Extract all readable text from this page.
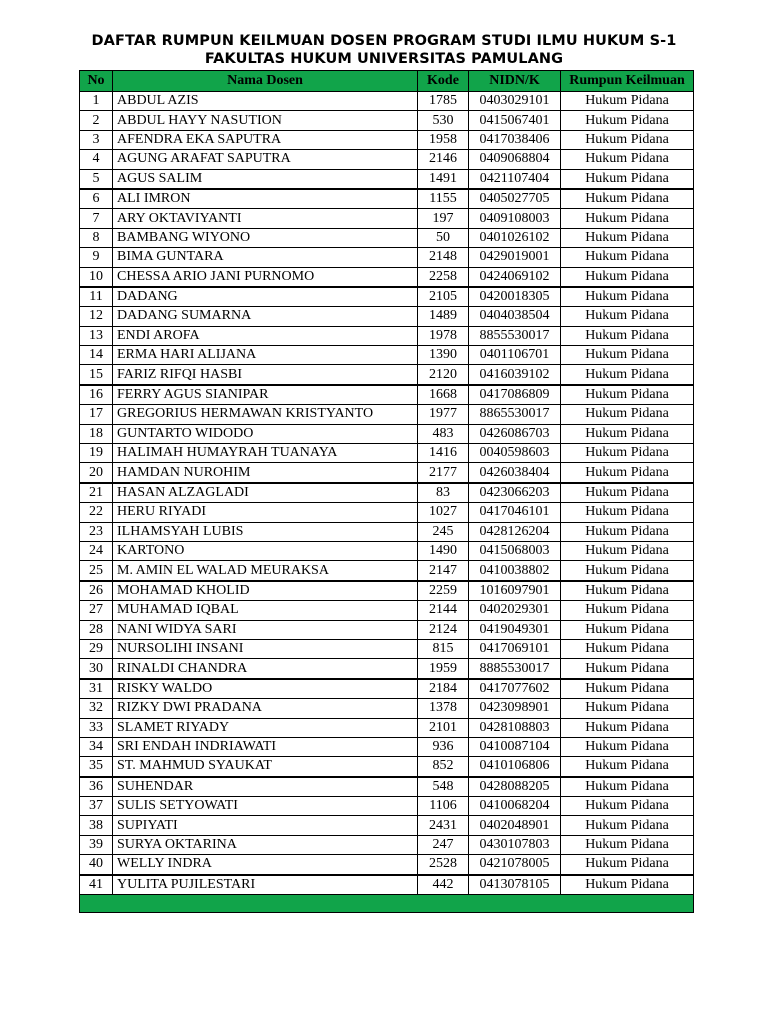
DAFTAR RUMPUN KEILMUAN DOSEN PROGRAM STUDI ILMU HUKUM S-1
FAKULTAS HUKUM UNIVERSITAS PAMULANG
No	Nama Dosen	Kode	NIDN/K	Rumpun Keilmuan
1	ABDUL AZIS	1785	0403029101	Hukum Pidana
2	ABDUL HAYY NASUTION	530	0415067401	Hukum Pidana
3	AFENDRA EKA SAPUTRA	1958	0417038406	Hukum Pidana
4	AGUNG ARAFAT SAPUTRA	2146	0409068804	Hukum Pidana
5	AGUS SALIM	1491	0421107404	Hukum Pidana
6	ALI IMRON	1155	0405027705	Hukum Pidana
7	ARY OKTAVIYANTI	197	0409108003	Hukum Pidana
8	BAMBANG WIYONO	50	0401026102	Hukum Pidana
9	BIMA GUNTARA	2148	0429019001	Hukum Pidana
10	CHESSA ARIO JANI PURNOMO	2258	0424069102	Hukum Pidana
11	DADANG	2105	0420018305	Hukum Pidana
12	DADANG SUMARNA	1489	0404038504	Hukum Pidana
13	ENDI AROFA	1978	8855530017	Hukum Pidana
14	ERMA HARI ALIJANA	1390	0401106701	Hukum Pidana
15	FARIZ RIFQI HASBI	2120	0416039102	Hukum Pidana
16	FERRY AGUS SIANIPAR	1668	0417086809	Hukum Pidana
17	GREGORIUS HERMAWAN KRISTYANTO	1977	8865530017	Hukum Pidana
18	GUNTARTO WIDODO	483	0426086703	Hukum Pidana
19	HALIMAH HUMAYRAH TUANAYA	1416	0040598603	Hukum Pidana
20	HAMDAN NUROHIM	2177	0426038404	Hukum Pidana
21	HASAN ALZAGLADI	83	0423066203	Hukum Pidana
22	HERU RIYADI	1027	0417046101	Hukum Pidana
23	ILHAMSYAH LUBIS	245	0428126204	Hukum Pidana
24	KARTONO	1490	0415068003	Hukum Pidana
25	M. AMIN EL WALAD MEURAKSA	2147	0410038802	Hukum Pidana
26	MOHAMAD KHOLID	2259	1016097901	Hukum Pidana
27	MUHAMAD IQBAL	2144	0402029301	Hukum Pidana
28	NANI WIDYA SARI	2124	0419049301	Hukum Pidana
29	NURSOLIHI INSANI	815	0417069101	Hukum Pidana
30	RINALDI CHANDRA	1959	8885530017	Hukum Pidana
31	RISKY WALDO	2184	0417077602	Hukum Pidana
32	RIZKY DWI PRADANA	1378	0423098901	Hukum Pidana
33	SLAMET RIYADY	2101	0428108803	Hukum Pidana
34	SRI ENDAH INDRIAWATI	936	0410087104	Hukum Pidana
35	ST. MAHMUD SYAUKAT	852	0410106806	Hukum Pidana
36	SUHENDAR	548	0428088205	Hukum Pidana
37	SULIS SETYOWATI	1106	0410068204	Hukum Pidana
38	SUPIYATI	2431	0402048901	Hukum Pidana
39	SURYA OKTARINA	247	0430107803	Hukum Pidana
40	WELLY INDRA	2528	0421078005	Hukum Pidana
41	YULITA PUJILESTARI	442	0413078105	Hukum Pidana
